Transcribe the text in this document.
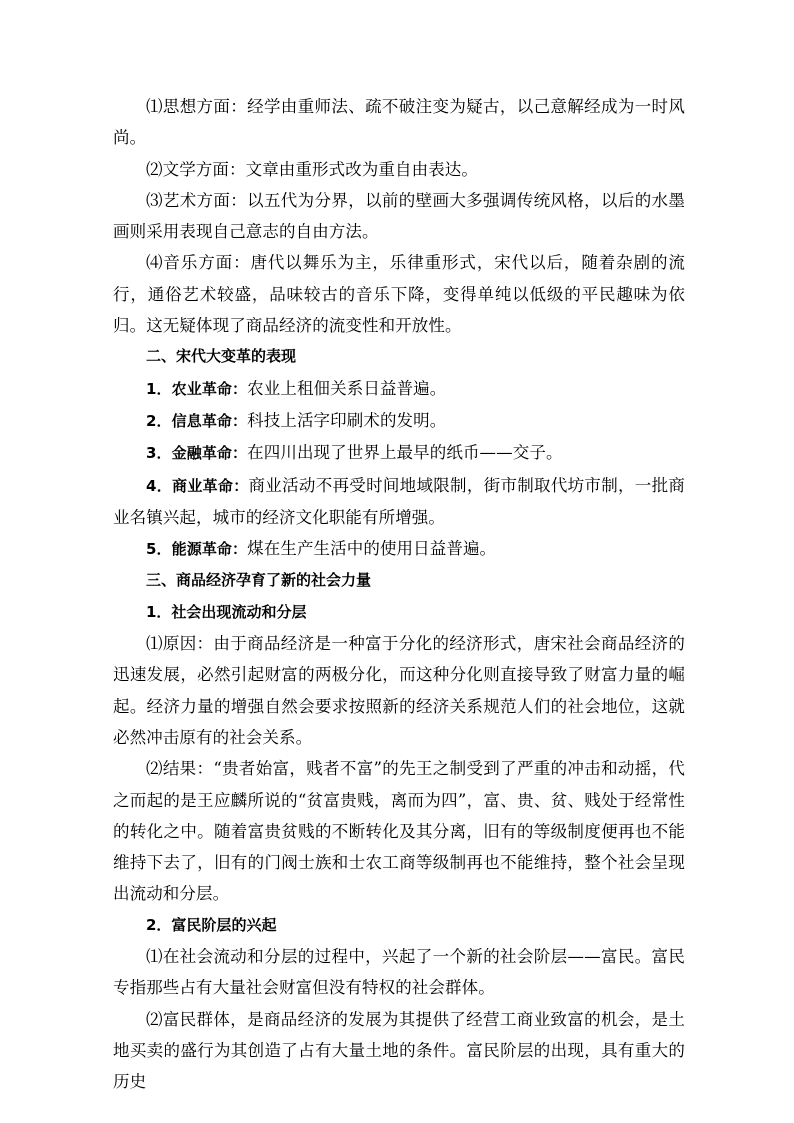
⑴思想方面：经学由重师法、疏不破注变为疑古，以己意解经成为一时风尚。

⑵文学方面：文章由重形式改为重自由表达。

⑶艺术方面：以五代为分界，以前的壁画大多强调传统风格，以后的水墨画则采用表现自己意志的自由方法。

⑷音乐方面：唐代以舞乐为主，乐律重形式，宋代以后，随着杂剧的流行，通俗艺术较盛，品味较古的音乐下降，变得单纯以低级的平民趣味为依归。这无疑体现了商品经济的流变性和开放性。

二、宋代大变革的表现

1．农业革命：农业上租佃关系日益普遍。

2．信息革命：科技上活字印刷术的发明。

3．金融革命：在四川出现了世界上最早的纸币——交子。

4．商业革命：商业活动不再受时间地域限制，街市制取代坊市制，一批商业名镇兴起，城市的经济文化职能有所增强。

5．能源革命：煤在生产生活中的使用日益普遍。

三、商品经济孕育了新的社会力量

1．社会出现流动和分层

⑴原因：由于商品经济是一种富于分化的经济形式，唐宋社会商品经济的迅速发展，必然引起财富的两极分化，而这种分化则直接导致了财富力量的崛起。经济力量的增强自然会要求按照新的经济关系规范人们的社会地位，这就必然冲击原有的社会关系。

⑵结果：“贵者始富，贱者不富”的先王之制受到了严重的冲击和动摇，代之而起的是王应麟所说的“贫富贵贱，离而为四”，富、贵、贫、贱处于经常性的转化之中。随着富贵贫贱的不断转化及其分离，旧有的等级制度便再也不能维持下去了，旧有的门阀士族和士农工商等级制再也不能维持，整个社会呈现出流动和分层。

2．富民阶层的兴起

⑴在社会流动和分层的过程中，兴起了一个新的社会阶层——富民。富民专指那些占有大量社会财富但没有特权的社会群体。

⑵富民群体，是商品经济的发展为其提供了经营工商业致富的机会，是土地买卖的盛行为其创造了占有大量土地的条件。富民阶层的出现，具有重大的历史
